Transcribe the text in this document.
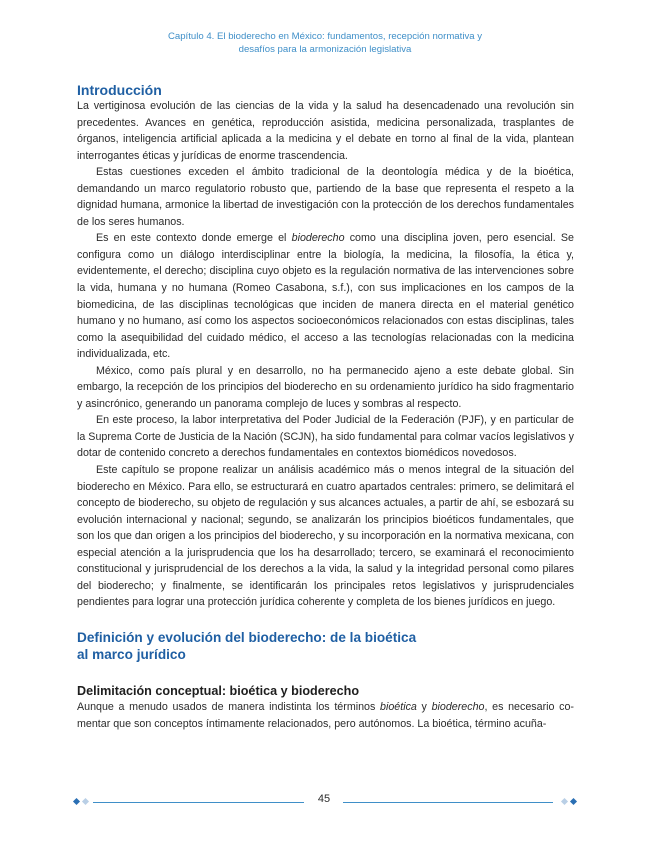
Capítulo 4. El bioderecho en México: fundamentos, recepción normativa y
desafíos para la armonización legislativa
Introducción

La vertiginosa evolución de las ciencias de la vida y la salud ha desencadenado una revolución sin precedentes. Avances en genética, reproducción asistida, medicina personalizada, trasplantes de órganos, inteligencia artificial aplicada a la medicina y el debate en torno al final de la vida, plantean interrogantes éticas y jurídicas de enorme trascendencia.

Estas cuestiones exceden el ámbito tradicional de la deontología médica y de la bioética, demandando un marco regulatorio robusto que, partiendo de la base que representa el respeto a la dignidad humana, armonice la libertad de investigación con la protección de los derechos fundamentales de los seres humanos.

Es en este contexto donde emerge el bioderecho como una disciplina joven, pero esencial. Se configura como un diálogo interdisciplinar entre la biología, la medicina, la filosofía, la ética y, evidentemente, el derecho; disciplina cuyo objeto es la regulación normativa de las intervenciones sobre la vida, humana y no humana (Romeo Casabona, s.f.), con sus implicaciones en los campos de la biomedicina, de las disciplinas tecnológicas que inciden de manera directa en el material genético humano y no humano, así como los aspectos socioeconómicos relacionados con estas disciplinas, tales como la asequibilidad del cuidado médico, el acceso a las tecnologías relacionadas con la medicina individualizada, etc.

México, como país plural y en desarrollo, no ha permanecido ajeno a este debate global. Sin embargo, la recepción de los principios del bioderecho en su ordenamiento jurídico ha sido fragmentario y asincrónico, generando un panorama complejo de luces y sombras al respecto.

En este proceso, la labor interpretativa del Poder Judicial de la Federación (PJF), y en particular de la Suprema Corte de Justicia de la Nación (SCJN), ha sido fundamental para colmar vacíos legislativos y dotar de contenido concreto a derechos fundamentales en contextos biomédicos novedosos.

Este capítulo se propone realizar un análisis académico más o menos integral de la situación del bioderecho en México. Para ello, se estructurará en cuatro apartados centrales: primero, se delimitará el concepto de bioderecho, su objeto de regulación y sus alcances actuales, a partir de ahí, se esbozará su evolución internacional y nacional; segundo, se analizarán los principios bioéticos fundamentales, que son los que dan origen a los principios del bioderecho, y su incorporación en la normativa mexicana, con especial atención a la jurisprudencia que los ha desarrollado; tercero, se examinará el reconocimiento constitucional y jurisprudencial de los derechos a la vida, la salud y la integridad personal como pilares del bioderecho; y finalmente, se identificarán los principales retos legislativos y jurisprudenciales pendientes para lograr una protección jurídica coherente y completa de los bienes jurídicos en juego.

Definición y evolución del bioderecho: de la bioética
al marco jurídico
Delimitación conceptual: bioética y bioderecho

Aunque a menudo usados de manera indistinta los términos bioética y bioderecho, es necesario co-

mentar que son conceptos íntimamente relacionados, pero autónomos. La bioética, término acuña-

45
